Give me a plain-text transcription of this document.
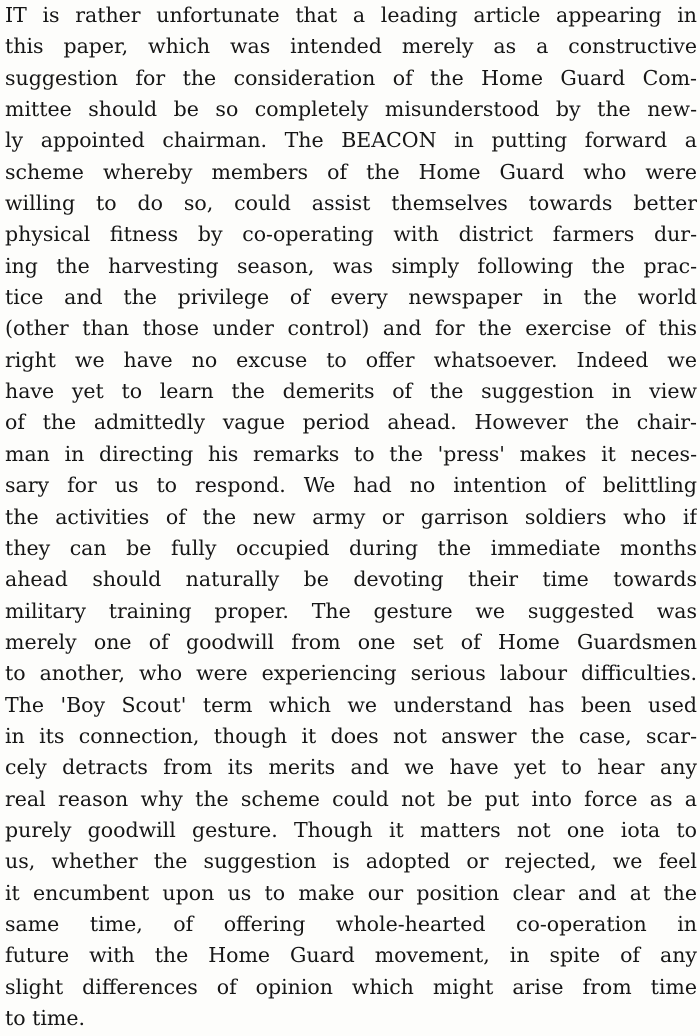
IT is rather unfortunate that a leading article appearing in
this paper, which was intended merely as a constructive
suggestion for the consideration of the Home Guard Com-
mittee should be so completely misunderstood by the new-
ly appointed chairman. The BEACON in putting forward a
scheme whereby members of the Home Guard who were
willing to do so, could assist themselves towards better
physical fitness by co-operating with district farmers dur-
ing the harvesting season, was simply following the prac-
tice and the privilege of every newspaper in the world
(other than those under control) and for the exercise of this
right we have no excuse to offer whatsoever. Indeed we
have yet to learn the demerits of the suggestion in view
of the admittedly vague period ahead. However the chair-
man in directing his remarks to the 'press' makes it neces-
sary for us to respond. We had no intention of belittling
the activities of the new army or garrison soldiers who if
they can be fully occupied during the immediate months
ahead should naturally be devoting their time towards
military training proper. The gesture we suggested was
merely one of goodwill from one set of Home Guardsmen
to another, who were experiencing serious labour difficulties.
The 'Boy Scout' term which we understand has been used
in its connection, though it does not answer the case, scar-
cely detracts from its merits and we have yet to hear any
real reason why the scheme could not be put into force as a
purely goodwill gesture. Though it matters not one iota to
us, whether the suggestion is adopted or rejected, we feel
it encumbent upon us to make our position clear and at the
same time, of offering whole-hearted co-operation in
future with the Home Guard movement, in spite of any
slight differences of opinion which might arise from time
to time.
